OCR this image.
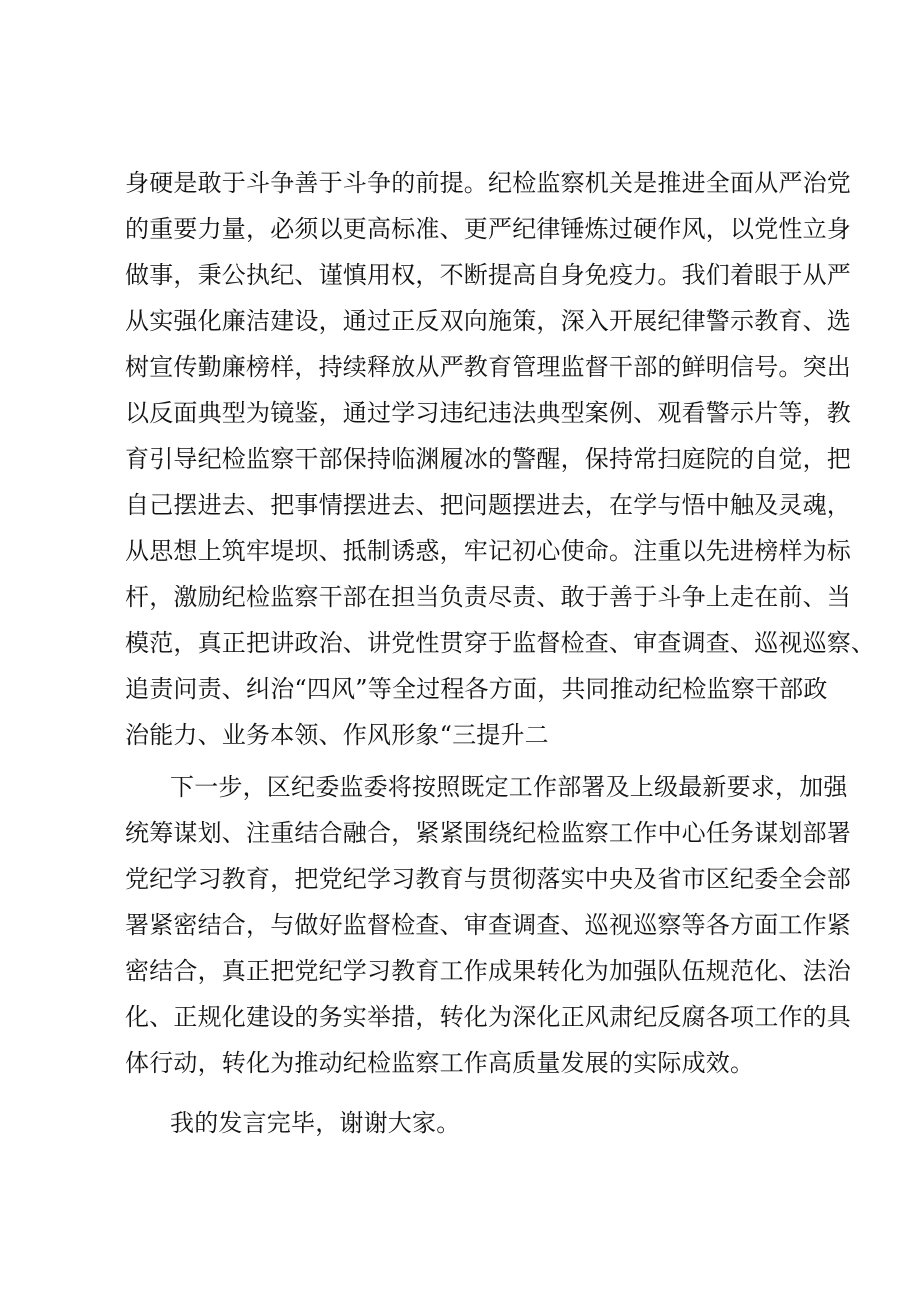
身硬是敢于斗争善于斗争的前提。纪检监察机关是推进全面从严治党
的重要力量，必须以更高标准、更严纪律锤炼过硬作风，以党性立身
做事，秉公执纪、谨慎用权，不断提高自身免疫力。我们着眼于从严
从实强化廉洁建设，通过正反双向施策，深入开展纪律警示教育、选
树宣传勤廉榜样，持续释放从严教育管理监督干部的鲜明信号。突出
以反面典型为镜鉴，通过学习违纪违法典型案例、观看警示片等，教
育引导纪检监察干部保持临渊履冰的警醒，保持常扫庭院的自觉，把
自己摆进去、把事情摆进去、把问题摆进去，在学与悟中触及灵魂，
从思想上筑牢堤坝、抵制诱惑，牢记初心使命。注重以先进榜样为标
杆，激励纪检监察干部在担当负责尽责、敢于善于斗争上走在前、当
模范，真正把讲政治、讲党性贯穿于监督检查、审查调查、巡视巡察、
追责问责、纠治“四风”等全过程各方面，共同推动纪检监察干部政
治能力、业务本领、作风形象“三提升二
下一步，区纪委监委将按照既定工作部署及上级最新要求，加强
统筹谋划、注重结合融合，紧紧围绕纪检监察工作中心任务谋划部署
党纪学习教育，把党纪学习教育与贯彻落实中央及省市区纪委全会部
署紧密结合，与做好监督检查、审查调查、巡视巡察等各方面工作紧
密结合，真正把党纪学习教育工作成果转化为加强队伍规范化、法治
化、正规化建设的务实举措，转化为深化正风肃纪反腐各项工作的具
体行动，转化为推动纪检监察工作高质量发展的实际成效。
我的发言完毕，谢谢大家。
